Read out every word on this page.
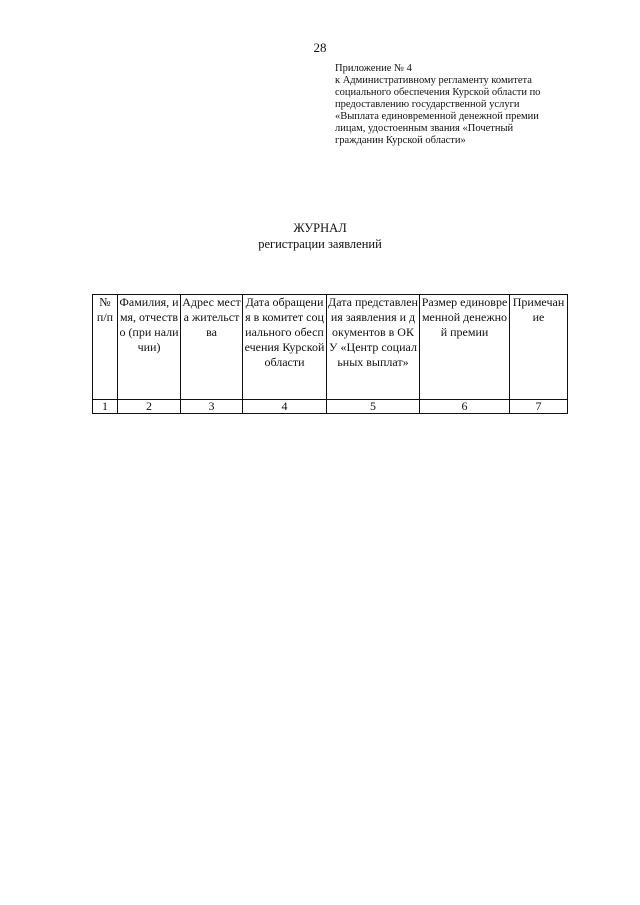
28
Приложение № 4
к Административному регламенту комитета
социального обеспечения Курской области по
предоставлению государственной услуги
«Выплата единовременной денежной премии
лицам, удостоенным звания «Почетный
гражданин Курской области»
ЖУРНАЛ
регистрации заявлений
№ п/п	Фамилия, имя, отчество (при наличии)	Адрес места жительства	Дата обращения в комитет социального обеспечения Курской области	Дата представления заявления и документов в ОКУ «Центр социальных выплат»	Размер единовременной денежной премии	Примечание
1	2	3	4	5	6	7
